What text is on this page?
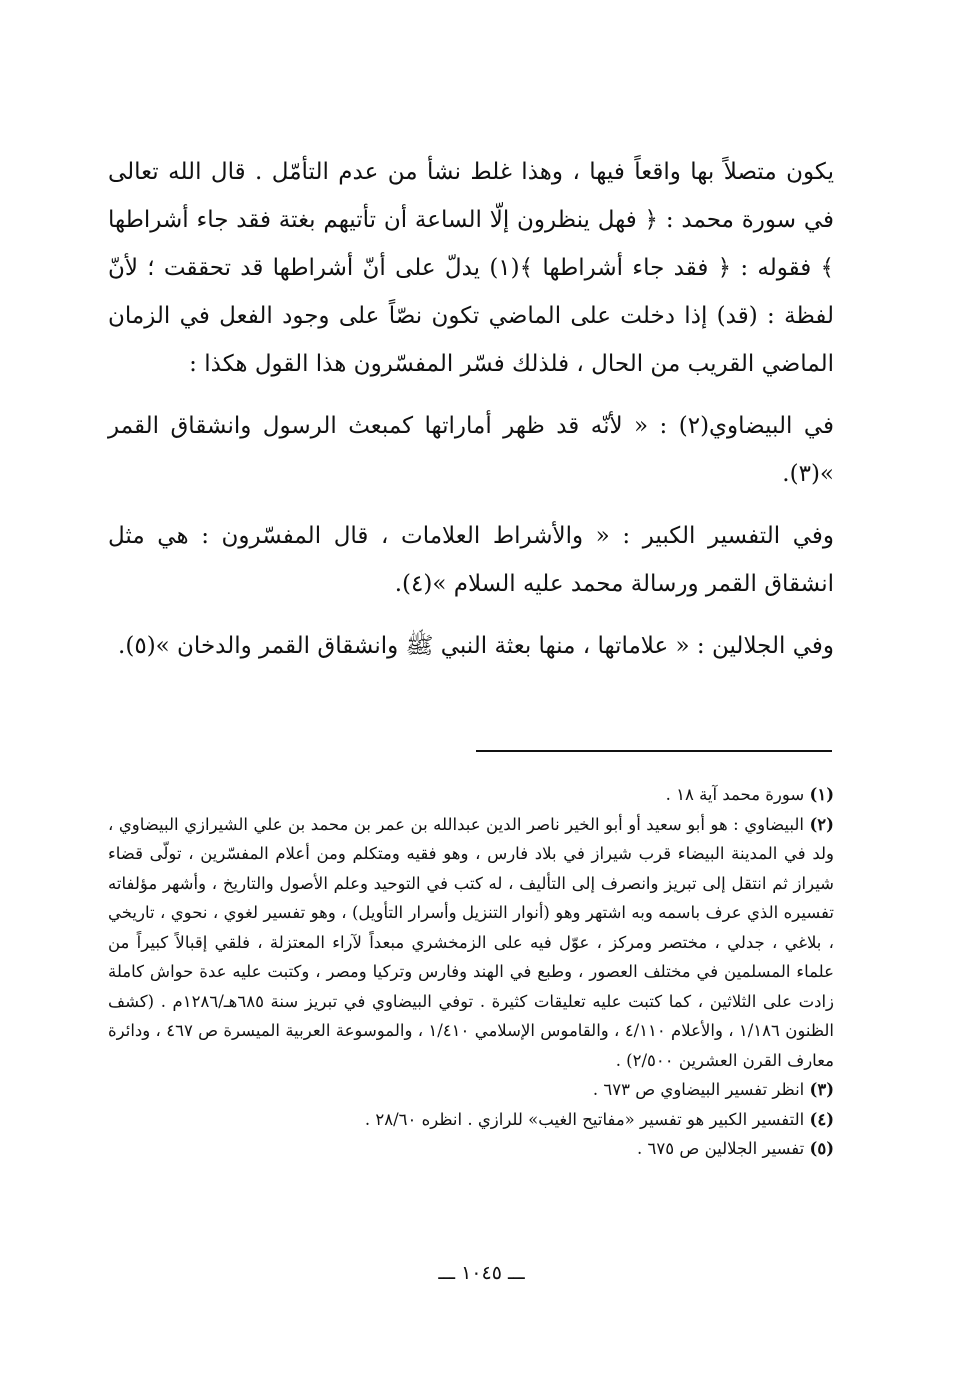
يكون متصلاً بها واقعاً فيها ، وهذا غلط نشأ من عدم التأمّل . قال الله تعالى في سورة محمد : ﴿ فهل ينظرون إلّا الساعة أن تأتيهم بغتة فقد جاء أشراطها ﴾ فقوله : ﴿ فقد جاء أشراطها ﴾(١) يدلّ على أنّ أشراطها قد تحققت ؛ لأنّ لفظة : (قد) إذا دخلت على الماضي تكون نصّاً على وجود الفعل في الزمان الماضي القريب من الحال ، فلذلك فسّر المفسّرون هذا القول هكذا :

في البيضاوي(٢) : « لأنّه قد ظهر أماراتها كمبعث الرسول وانشقاق القمر »(٣).

وفي التفسير الكبير : « والأشراط العلامات ، قال المفسّرون : هي مثل انشقاق القمر ورسالة محمد عليه السلام »(٤).

وفي الجلالين : « علاماتها ، منها بعثة النبي ﷺ وانشقاق القمر والدخان »(٥).

(١) سورة محمد آية ١٨ .

(٢) البيضاوي : هو أبو سعيد أو أبو الخير ناصر الدين عبدالله بن عمر بن محمد بن علي الشيرازي البيضاوي ، ولد في المدينة البيضاء قرب شيراز في بلاد فارس ، وهو فقيه ومتكلم ومن أعلام المفسّرين ، تولّى قضاء شيراز ثم انتقل إلى تبريز وانصرف إلى التأليف ، له كتب في التوحيد وعلم الأصول والتاريخ ، وأشهر مؤلفاته تفسيره الذي عرف باسمه وبه اشتهر وهو (أنوار التنزيل وأسرار التأويل) ، وهو تفسير لغوي ، نحوي ، تاريخي ، بلاغي ، جدلي ، مختصر ومركز ، عوّل فيه على الزمخشري مبعداً لآراء المعتزلة ، فلقي إقبالاً كبيراً من علماء المسلمين في مختلف العصور ، وطبع في الهند وفارس وتركيا ومصر ، وكتبت عليه عدة حواش كاملة زادت على الثلاثين ، كما كتبت عليه تعليقات كثيرة . توفي البيضاوي في تبريز سنة ٦٨٥هـ/١٢٨٦م . (كشف الظنون ١/١٨٦ ، والأعلام ٤/١١٠ ، والقاموس الإسلامي ١/٤١٠ ، والموسوعة العربية الميسرة ص ٤٦٧ ، ودائرة معارف القرن العشرين ٢/٥٠٠) .

(٣) انظر تفسير البيضاوي ص ٦٧٣ .

(٤) التفسير الكبير هو تفسير «مفاتيح الغيب» للرازي . انظره ٢٨/٦٠ .

(٥) تفسير الجلالين ص ٦٧٥ .

ـــ ١٠٤٥ ـــ
